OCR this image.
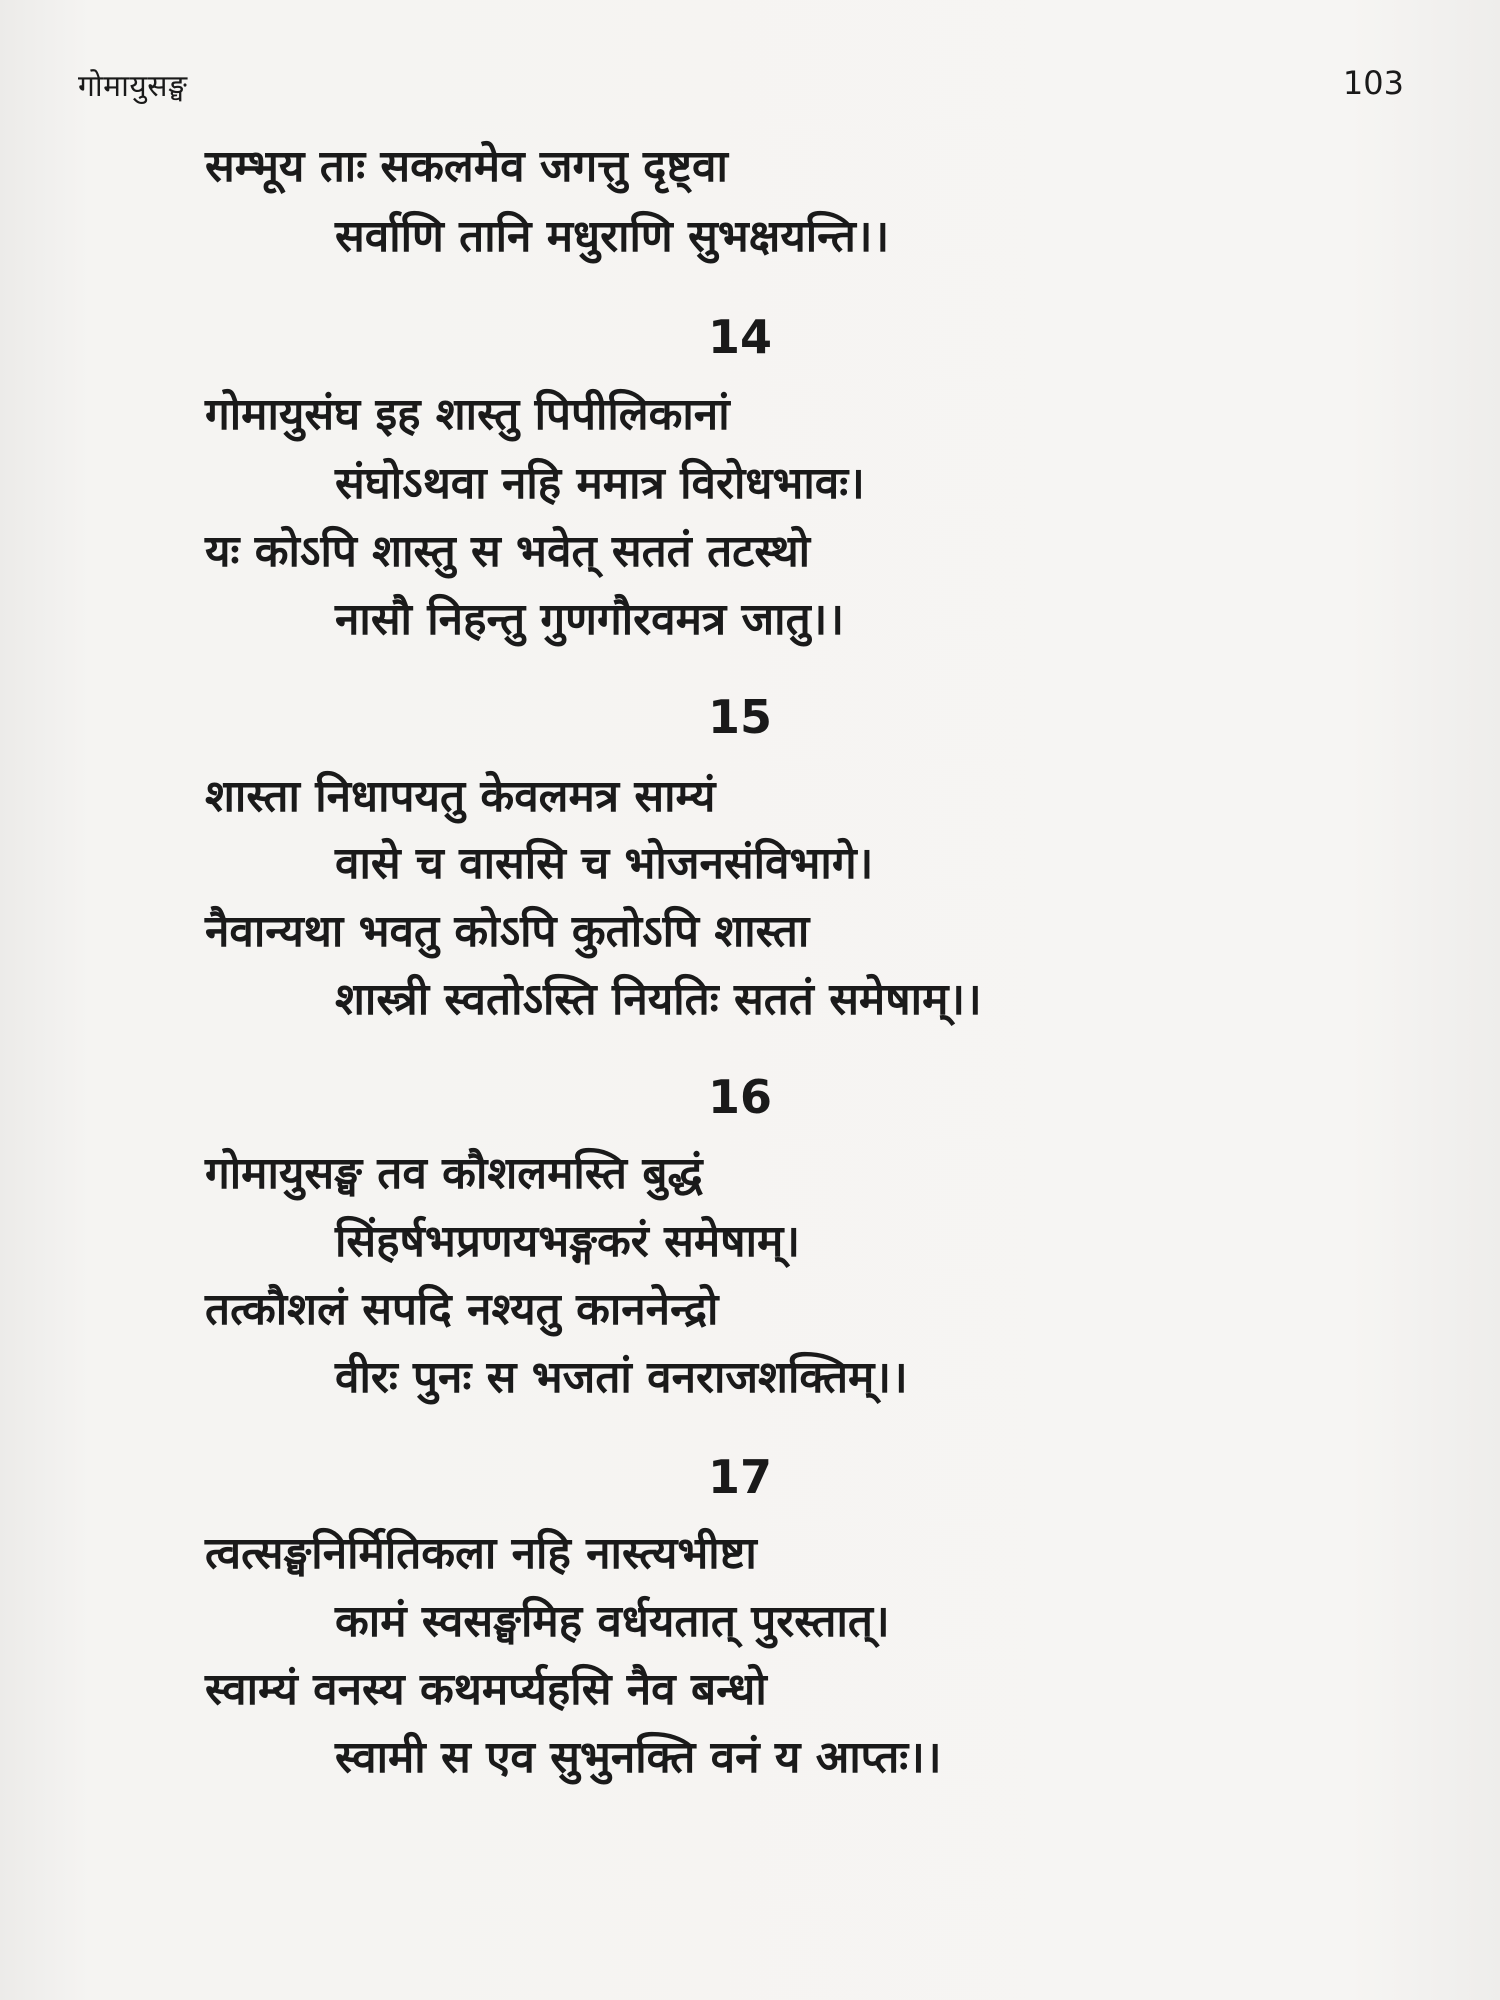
गोमायुसङ्घ	103
सम्भूय ताः सकलमेव जगत्तु दृष्ट्वा
सर्वाणि तानि मधुराणि सुभक्षयन्ति।।
14
गोमायुसंघ इह शास्तु पिपीलिकानां
संघोऽथवा नहि ममात्र विरोधभावः।
यः कोऽपि शास्तु स भवेत् सततं तटस्थो
नासौ निहन्तु गुणगौरवमत्र जातु।।
15
शास्ता निधापयतु केवलमत्र साम्यं
वासे च वाससि च भोजनसंविभागे।
नैवान्यथा भवतु कोऽपि कुतोऽपि शास्ता
शास्त्री स्वतोऽस्ति नियतिः सततं समेषाम्।।
16
गोमायुसङ्घ तव कौशलमस्ति बुद्धं
सिंहर्षभप्रणयभङ्गकरं समेषाम्।
तत्कौशलं सपदि नश्यतु काननेन्द्रो
वीरः पुनः स भजतां वनराजशक्तिम्।।
17
त्वत्सङ्घनिर्मितिकला नहि नास्त्यभीष्टा
कामं स्वसङ्घमिह वर्धयतात् पुरस्तात्।
स्वाम्यं वनस्य कथमर्प्यहसि नैव बन्धो
स्वामी स एव सुभुनक्ति वनं य आप्तः।।
